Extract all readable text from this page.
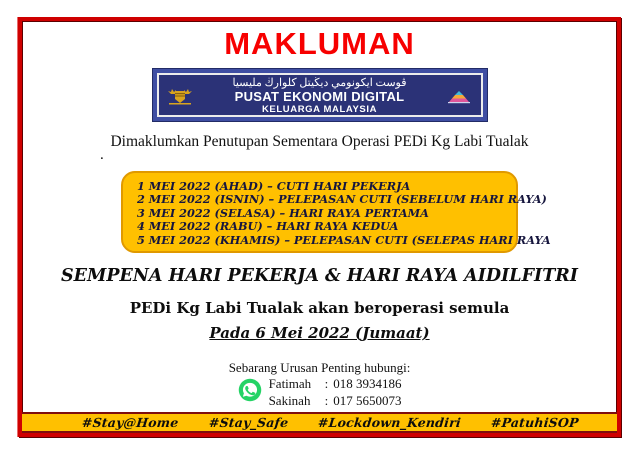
MAKLUMAN
ڤوست ايكونومي ديڬيتل كلوارڬ مليسيا
PUSAT EKONOMI DIGITAL
KELUARGA MALAYSIA

Dimaklumkan Penutupan Sementara Operasi PEDi Kg Labi Tualak

.
1 MEI 2022 (AHAD) – CUTI HARI PEKERJA
2 MEI 2022 (ISNIN) – PELEPASAN CUTI (SEBELUM HARI RAYA)
3 MEI 2022 (SELASA) – HARI RAYA PERTAMA
4 MEI 2022 (RABU) – HARI RAYA KEDUA
5 MEI 2022 (KHAMIS) – PELEPASAN CUTI (SELEPAS HARI RAYA

SEMPENA HARI PEKERJA & HARI RAYA AIDILFITRI

PEDi Kg Labi Tualak akan beroperasi semula

Pada 6 Mei 2022 (Jumaat)

Sebarang Urusan Penting hubungi:

Fatimah	: 018 3934186
Sakinah	: 017 5650073
#Stay@Home #Stay_Safe #Lockdown_Kendiri #PatuhiSOP
